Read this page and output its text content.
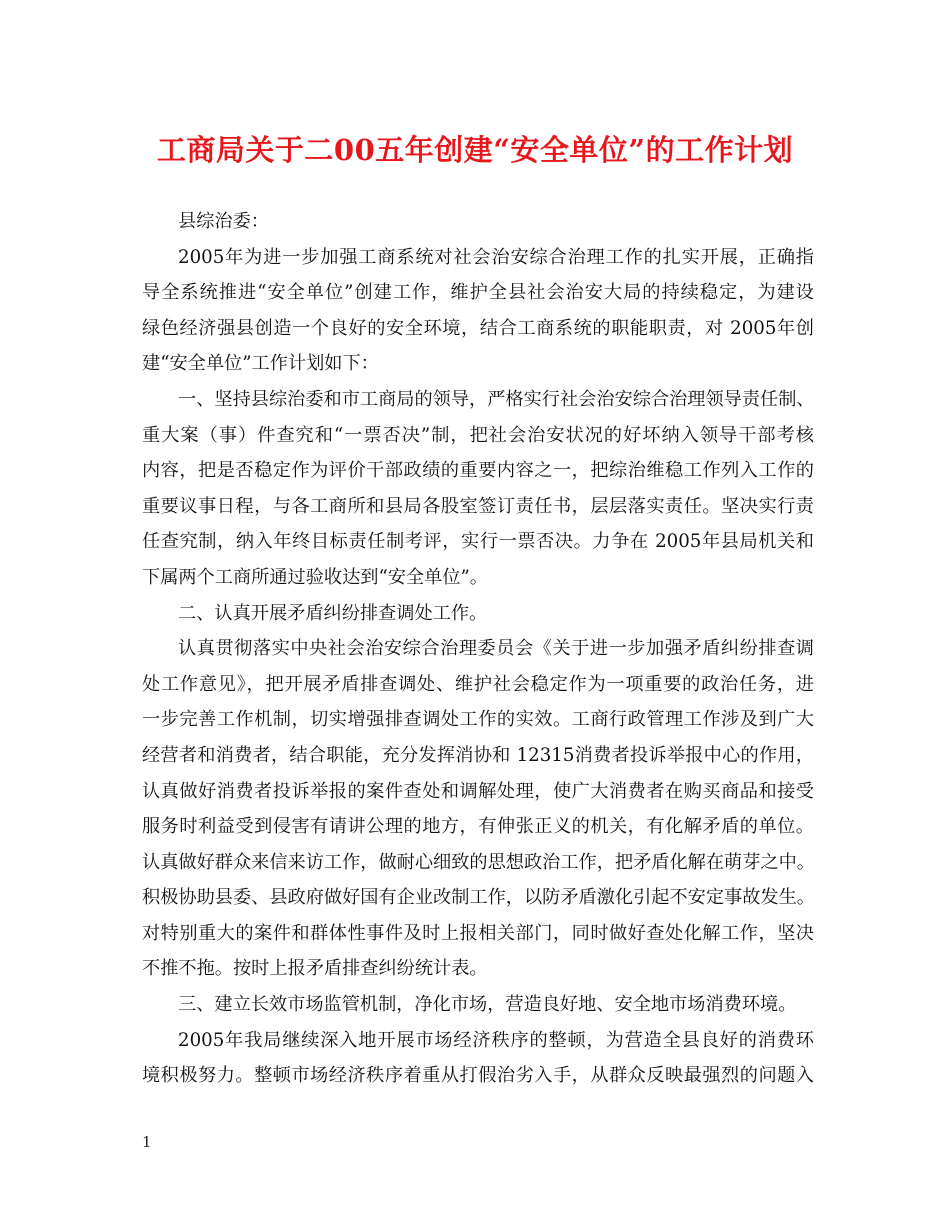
工商局关于二00五年创建“安全单位”的工作计划
县综治委：
2005年为进一步加强工商系统对社会治安综合治理工作的扎实开展，正确指
导全系统推进“安全单位”创建工作，维护全县社会治安大局的持续稳定，为建设
绿色经济强县创造一个良好的安全环境，结合工商系统的职能职责，对 2005年创
建“安全单位”工作计划如下：
一、坚持县综治委和市工商局的领导，严格实行社会治安综合治理领导责任制、
重大案（事）件查究和“一票否决”制，把社会治安状况的好坏纳入领导干部考核
内容，把是否稳定作为评价干部政绩的重要内容之一，把综治维稳工作列入工作的
重要议事日程，与各工商所和县局各股室签订责任书，层层落实责任。坚决实行责
任查究制，纳入年终目标责任制考评，实行一票否决。力争在 2005年县局机关和
下属两个工商所通过验收达到“安全单位”。
二、认真开展矛盾纠纷排查调处工作。
认真贯彻落实中央社会治安综合治理委员会《关于进一步加强矛盾纠纷排查调
处工作意见》，把开展矛盾排查调处、维护社会稳定作为一项重要的政治任务，进
一步完善工作机制，切实增强排查调处工作的实效。工商行政管理工作涉及到广大
经营者和消费者，结合职能，充分发挥消协和 12315消费者投诉举报中心的作用，
认真做好消费者投诉举报的案件查处和调解处理，使广大消费者在购买商品和接受
服务时利益受到侵害有请讲公理的地方，有伸张正义的机关，有化解矛盾的单位。
认真做好群众来信来访工作，做耐心细致的思想政治工作，把矛盾化解在萌芽之中。
积极协助县委、县政府做好国有企业改制工作，以防矛盾激化引起不安定事故发生。
对特别重大的案件和群体性事件及时上报相关部门，同时做好查处化解工作，坚决
不推不拖。按时上报矛盾排查纠纷统计表。
三、建立长效市场监管机制，净化市场，营造良好地、安全地市场消费环境。
2005年我局继续深入地开展市场经济秩序的整顿，为营造全县良好的消费环
境积极努力。整顿市场经济秩序着重从打假治劣入手，从群众反映最强烈的问题入
1
